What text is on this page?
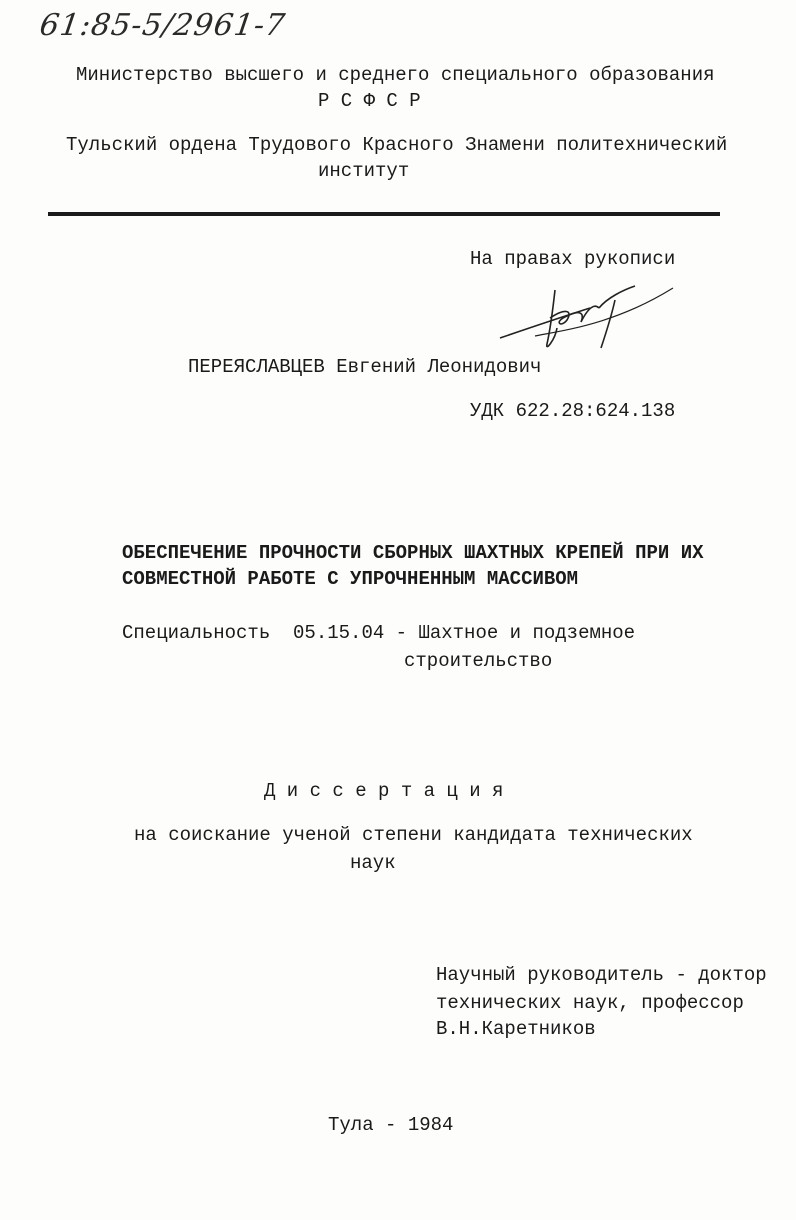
61:85-5/2961-7
Министерство высшего и среднего специального образования
Р С Ф С Р
Тульский ордена Трудового Красного Знамени политехнический
институт
На правах рукописи
ПЕРЕЯСЛАВЦЕВ Евгений Леонидович
УДК 622.28:624.138
ОБЕСПЕЧЕНИЕ ПРОЧНОСТИ СБОРНЫХ ШАХТНЫХ КРЕПЕЙ ПРИ ИХ
СОВМЕСТНОЙ РАБОТЕ С УПРОЧНЕННЫМ МАССИВОМ
Специальность  05.15.04 - Шахтное и подземное
строительство
Д и с с е р т а ц и я
на соискание ученой степени кандидата технических
наук
Научный руководитель - доктор
технических наук, профессор
В.Н.Каретников
Тула - 1984
